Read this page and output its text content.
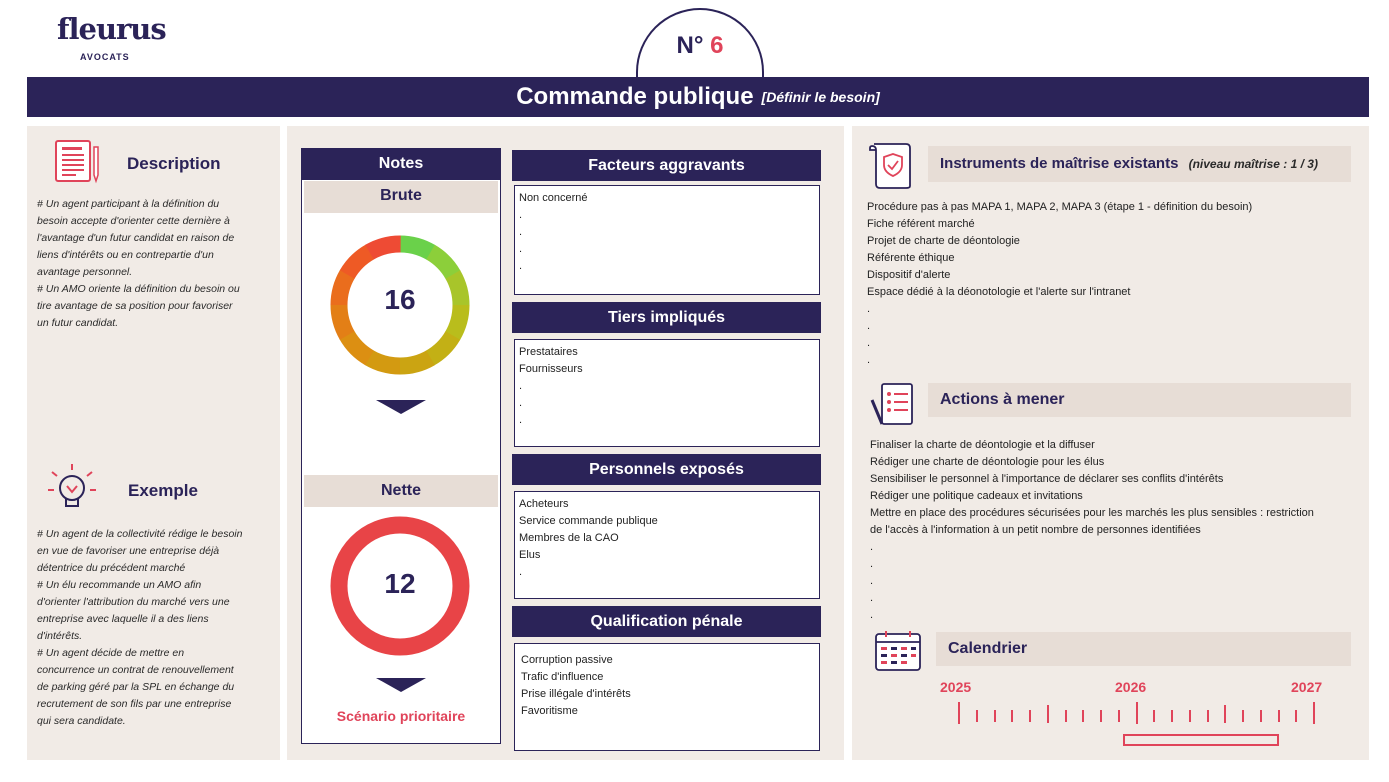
fleurus
AVOCATS	N° 6
Commande publique [Définir le besoin]
Description
# Un agent participant à la définition du
besoin accepte d'orienter cette dernière à
l'avantage d'un futur candidat en raison de
liens d'intérêts ou en contrepartie d'un
avantage personnel.
# Un AMO oriente la définition du besoin ou
tire avantage de sa position pour favoriser
un futur candidat.
Exemple
# Un agent de la collectivité rédige le besoin
en vue de favoriser une entreprise déjà
détentrice du précédent marché
# Un élu recommande un AMO afin
d'orienter l'attribution du marché vers une
entreprise avec laquelle il a des liens
d'intérêts.
# Un agent décide de mettre en
concurrence un contrat de renouvellement
de parking géré par la SPL en échange du
recrutement de son fils par une entreprise
qui sera candidate.
Notes
Brute
16
Nette
12
Scénario prioritaire
Facteurs aggravants
Non concerné
.
.
.
.
Tiers impliqués
Prestataires
Fournisseurs
.
.
.
Personnels exposés
Acheteurs
Service commande publique
Membres de la CAO
Elus
.
Qualification pénale
Corruption passive
Trafic d'influence
Prise illégale d'intérêts
Favoritisme
Instruments de maîtrise existants (niveau maîtrise : 1 / 3)
Procédure pas à pas MAPA 1, MAPA 2, MAPA 3 (étape 1 - définition du besoin)
Fiche référent marché
Projet de charte de déontologie
Référente éthique
Dispositif d'alerte
Espace dédié à la déonotologie et l'alerte sur l'intranet
.
.
.
.
Actions à mener
Finaliser la charte de déontologie et la diffuser
Rédiger une charte de déontologie pour les élus
Sensibiliser le personnel à l'importance de déclarer ses conflits d'intérêts
Rédiger une politique cadeaux et invitations
Mettre en place des procédures sécurisées pour les marchés les plus sensibles : restriction
de l'accès à l'information à un petit nombre de personnes identifiées
.
.
.
.
.
Calendrier
2025	2026	2027
